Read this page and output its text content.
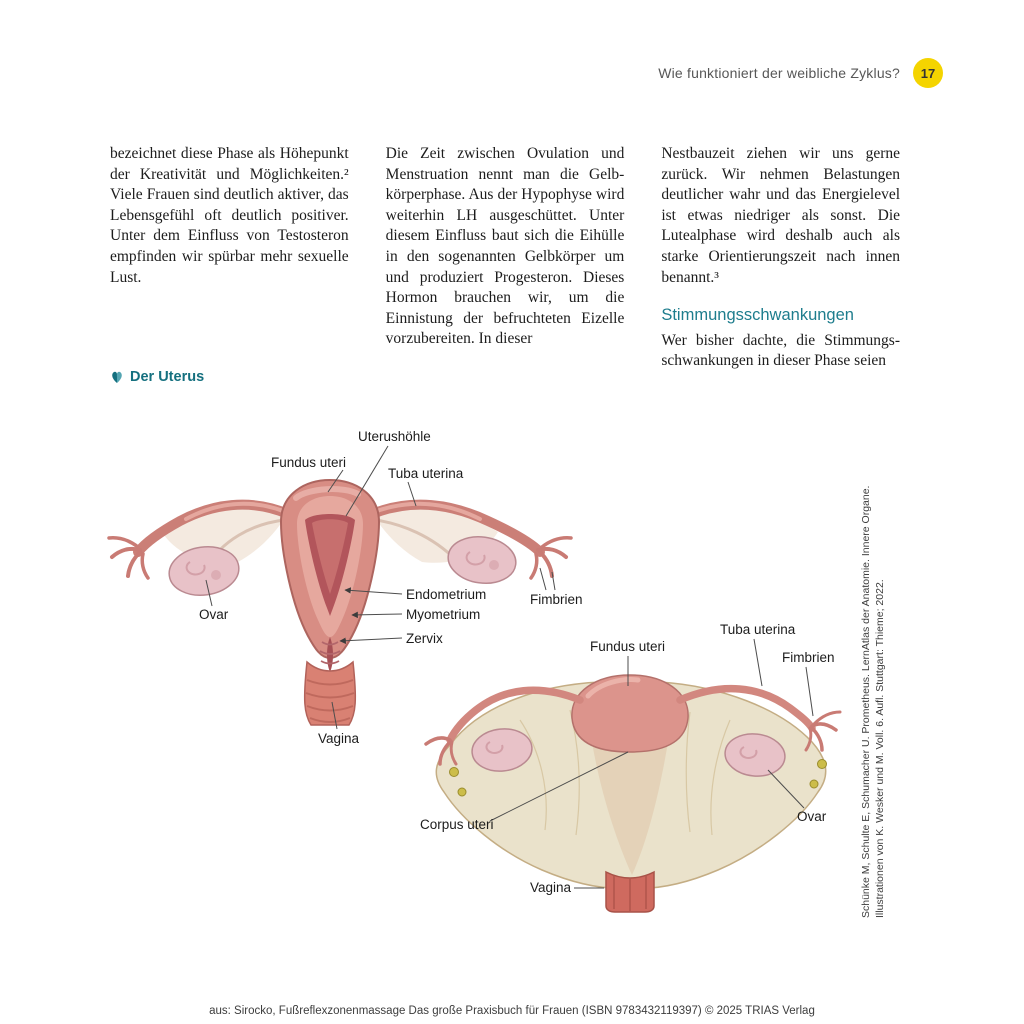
Wie funktioniert der weibliche Zyklus?	17

bezeichnet diese Phase als Höhepunkt der Kreativität und Möglichkeiten.² Viele Frauen sind deutlich aktiver, das Lebensgefühl oft deutlich positiver. Unter dem Einfluss von Testosteron empfinden wir spürbar mehr sexuelle Lust.

Die Zeit zwischen Ovulation und Menstruation nennt man die Gelbkörperphase. Aus der Hypophyse wird weiterhin LH ausgeschüttet. Unter diesem Einfluss baut sich die Eihülle in den sogenannten Gelbkörper um und produziert Progesteron. Dieses Hormon brauchen wir, um die Einnistung der befruchteten Eizelle vorzubereiten. In dieser

Nestbauzeit ziehen wir uns gerne zurück. Wir nehmen Belastungen deutlicher wahr und das Energielevel ist etwas niedriger als sonst. Die Lutealphase wird deshalb auch als starke Orientierungszeit nach innen benannt.³

Stimmungsschwankungen

Wer bisher dachte, die Stimmungsschwankungen in dieser Phase seien

Der Uterus
Uterushöhle
Fundus uteri
Tuba uterina
Ovar
Endometrium
Myometrium
Zervix
Fimbrien
Vagina
Fundus uteri
Tuba uterina
Fimbrien
Corpus uteri
Ovar
Vagina	Schünke M, Schulte E, Schumacher U. Prometheus. LernAtlas der Anatomie. Innere Organe. Illustrationen von K. Wesker und M. Voll. 6. Aufl. Stuttgart: Thieme; 2022.
aus: Sirocko, Fußreflexzonenmassage Das große Praxisbuch für Frauen (ISBN 9783432119397) © 2025 TRIAS Verlag
